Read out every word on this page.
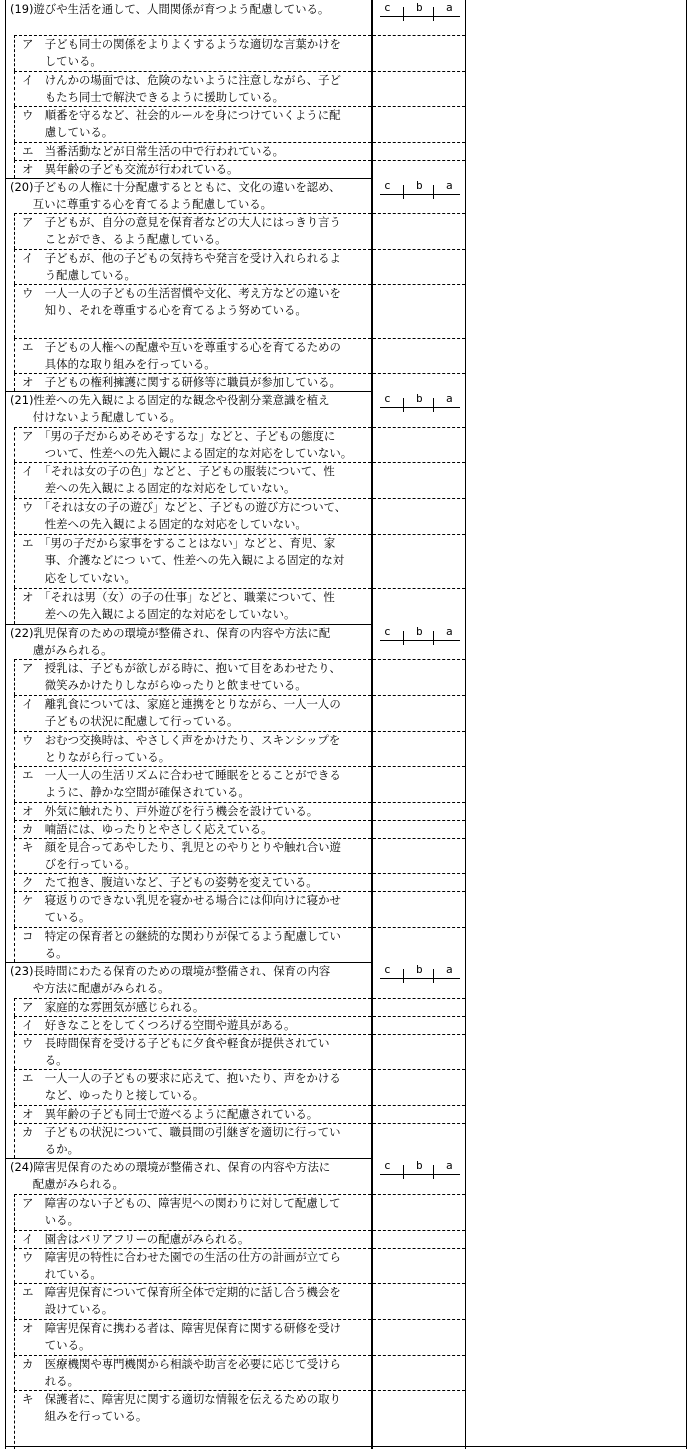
(19)遊びや生活を通して、人間関係が育つよう配慮している。	c b a
ア　子ども同士の関係をよりよくするような適切な言葉かけを
　　している。
イ　けんかの場面では、危険のないように注意しながら、子ど
　　もたち同士で解決できるように援助している。
ウ　順番を守るなど、社会的ルールを身につけていくように配
　　慮している。
エ　当番活動などが日常生活の中で行われている。
オ　異年齢の子ども交流が行われている。
(20)子どもの人権に十分配慮するとともに、文化の違いを認め、
　　互いに尊重する心を育てるよう配慮している。
c b a
ア　子どもが、自分の意見を保育者などの大人にはっきり言う
　　ことができ、るよう配慮している。
イ　子どもが、他の子どもの気持ちや発言を受け入れられるよ
　　う配慮している。
ウ　一人一人の子どもの生活習慣や文化、考え方などの違いを
　　知り、それを尊重する心を育てるよう努めている。
エ　子どもの人権への配慮や互いを尊重する心を育てるための
　　具体的な取り組みを行っている。
オ　子どもの権利擁護に関する研修等に職員が参加している。
(21)性差への先入観による固定的な観念や役割分業意識を植え
　　付けないよう配慮している。
c b a
ア　「男の子だからめそめそするな」などと、子どもの態度に
　　ついて、性差への先入観による固定的な対応をしていない。
イ　「それは女の子の色」などと、子どもの服装について、性
　　差への先入観による固定的な対応をしていない。
ウ　「それは女の子の遊び」などと、子どもの遊び方について、
　　性差への先入観による固定的な対応をしていない。
エ　「男の子だから家事をすることはない」などと、育児、家
　　事、介護などにつ いて、性差への先入観による固定的な対
　　応をしていない。
オ　「それは男（女）の子の仕事」などと、職業について、性
　　差への先入観による固定的な対応をしていない。
(22)乳児保育のための環境が整備され、保育の内容や方法に配
　　慮がみられる。
c b a
ア　授乳は、子どもが欲しがる時に、抱いて目をあわせたり、
　　微笑みかけたりしながらゆったりと飲ませている。
イ　離乳食については、家庭と連携をとりながら、一人一人の
　　子どもの状況に配慮して行っている。
ウ　おむつ交換時は、やさしく声をかけたり、スキンシップを
　　とりながら行っている。
エ　一人一人の生活リズムに合わせて睡眠をとることができる
　　ように、静かな空間が確保されている。
オ　外気に触れたり、戸外遊びを行う機会を設けている。
カ　喃語には、ゆったりとやさしく応えている。
キ　顔を見合ってあやしたり、乳児とのやりとりや触れ合い遊
　　びを行っている。
ク　たて抱き、腹這いなど、子どもの姿勢を変えている。
ケ　寝返りのできない乳児を寝かせる場合には仰向けに寝かせ
　　ている。
コ　特定の保育者との継続的な関わりが保てるよう配慮してい
　　る。
(23)長時間にわたる保育のための環境が整備され、保育の内容
　　や方法に配慮がみられる。
c b a
ア　家庭的な雰囲気が感じられる。
イ　好きなことをしてくつろげる空間や遊具がある。
ウ　長時間保育を受ける子どもに夕食や軽食が提供されてい
　　る。
エ　一人一人の子どもの要求に応えて、抱いたり、声をかける
　　など、ゆったりと接している。
オ　異年齢の子ども同士で遊べるように配慮されている。
カ　子どもの状況について、職員間の引継ぎを適切に行ってい
　　るか。
(24)障害児保育のための環境が整備され、保育の内容や方法に
　　配慮がみられる。
c b a
ア　障害のない子どもの、障害児への関わりに対して配慮して
　　いる。
イ　園舎はバリアフリーの配慮がみられる。
ウ　障害児の特性に合わせた園での生活の仕方の計画が立てら
　　れている。
エ　障害児保育について保育所全体で定期的に話し合う機会を
　　設けている。
オ　障害児保育に携わる者は、障害児保育に関する研修を受け
　　ている。
カ　医療機関や専門機関から相談や助言を必要に応じて受けら
　　れる。
キ　保護者に、障害児に関する適切な情報を伝えるための取り
　　組みを行っている。
